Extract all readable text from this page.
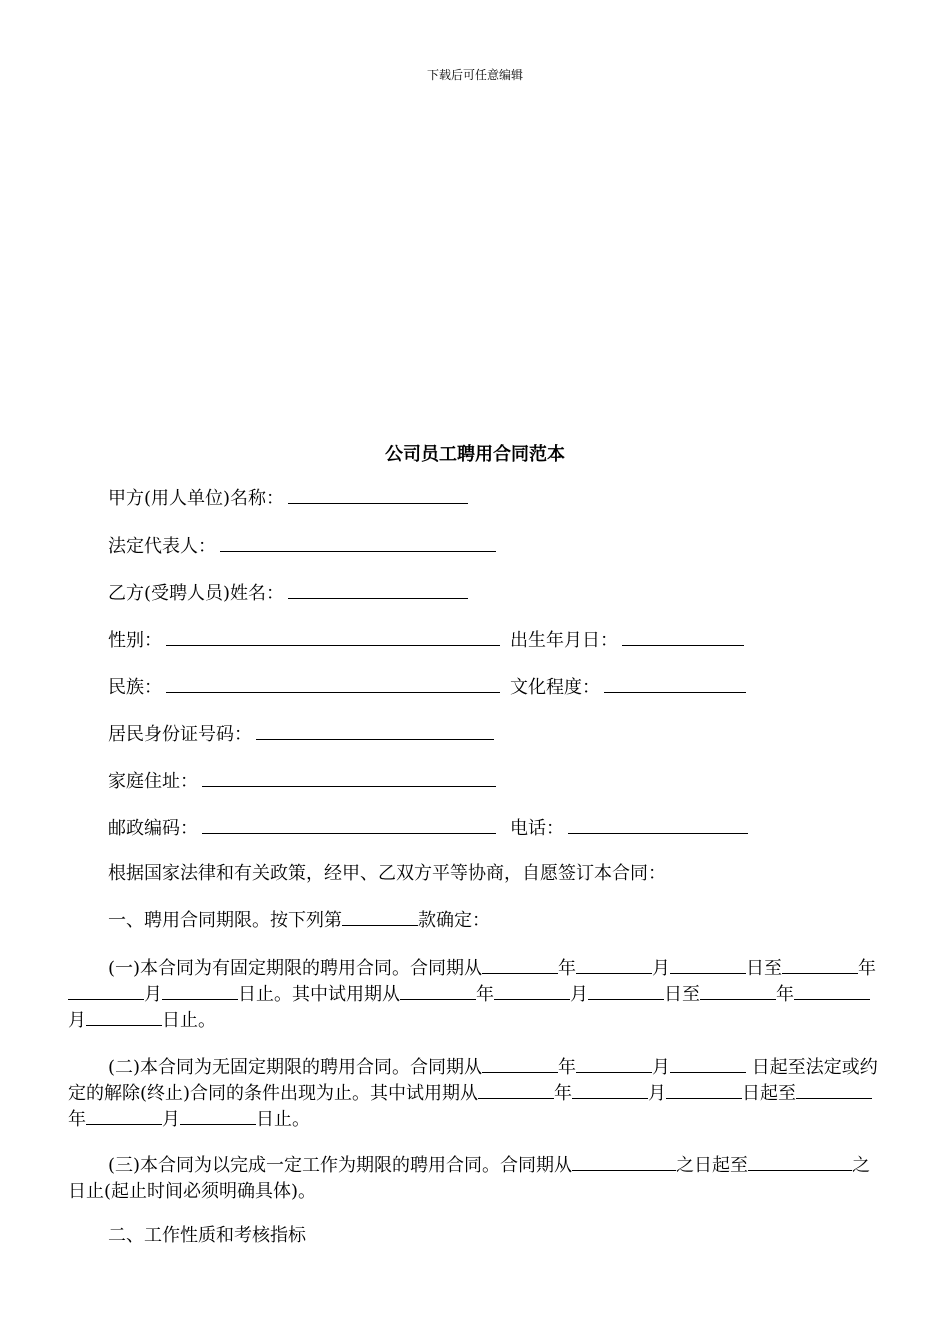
下载后可任意编辑
公司员工聘用合同范本
甲方(用人单位)名称：
法定代表人：
乙方(受聘人员)姓名：
性别：	出生年月日：
民族：	文化程度：
居民身份证号码：
家庭住址：
邮政编码：	电话：
根据国家法律和有关政策，经甲、乙双方平等协商，自愿签订本合同：
一、聘用合同期限。按下列第	款确定：
(一)本合同为有固定期限的聘用合同。合同期从	年	月	日至	年月	日止。其中试用期从	年	月	日至	年月	日止。
(二)本合同为无固定期限的聘用合同。合同期从	年	月	日起至法定或约定的解除(终止)合同的条件出现为止。其中试用期从	年	月	日起至年	月	日止。
(三)本合同为以完成一定工作为期限的聘用合同。合同期从	之日起至	之日止(起止时间必须明确具体)。
二、工作性质和考核指标
